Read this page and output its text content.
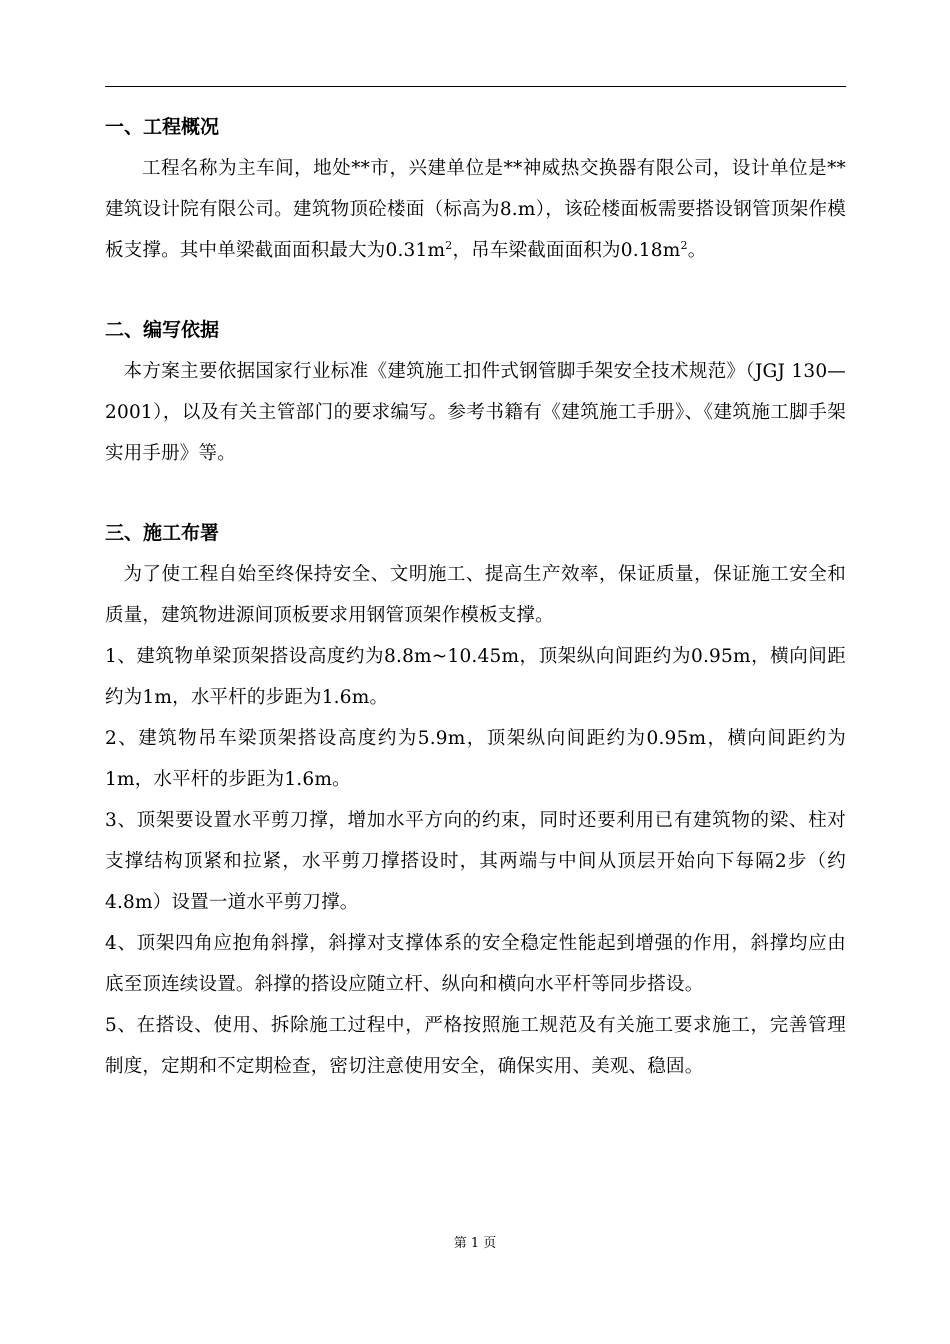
一、工程概况

工程名称为主车间，地处**市，兴建单位是**神威热交换器有限公司，设计单位是**建筑设计院有限公司。建筑物顶砼楼面（标高为8.m），该砼楼面板需要搭设钢管顶架作模板支撑。其中单梁截面面积最大为$0.31m^2$，吊车梁截面面积为$0.18m^2$。

二、编写依据

本方案主要依据国家行业标准《建筑施工扣件式钢管脚手架安全技术规范》（JGJ 130—2001），以及有关主管部门的要求编写。参考书籍有《建筑施工手册》、《建筑施工脚手架实用手册》等。

三、施工布署

为了使工程自始至终保持安全、文明施工、提高生产效率，保证质量，保证施工安全和质量，建筑物进源间顶板要求用钢管顶架作模板支撑。

1、建筑物单梁顶架搭设高度约为8.8m~10.45m，顶架纵向间距约为0.95m，横向间距约为1m，水平杆的步距为1.6m。

2、建筑物吊车梁顶架搭设高度约为5.9m，顶架纵向间距约为0.95m，横向间距约为1m，水平杆的步距为1.6m。

3、顶架要设置水平剪刀撑，增加水平方向的约束，同时还要利用已有建筑物的梁、柱对支撑结构顶紧和拉紧，水平剪刀撑搭设时，其两端与中间从顶层开始向下每隔2步（约4.8m）设置一道水平剪刀撑。

4、顶架四角应抱角斜撑，斜撑对支撑体系的安全稳定性能起到增强的作用，斜撑均应由底至顶连续设置。斜撑的搭设应随立杆、纵向和横向水平杆等同步搭设。

5、在搭设、使用、拆除施工过程中，严格按照施工规范及有关施工要求施工，完善管理制度，定期和不定期检查，密切注意使用安全，确保实用、美观、稳固。

第 1 页
